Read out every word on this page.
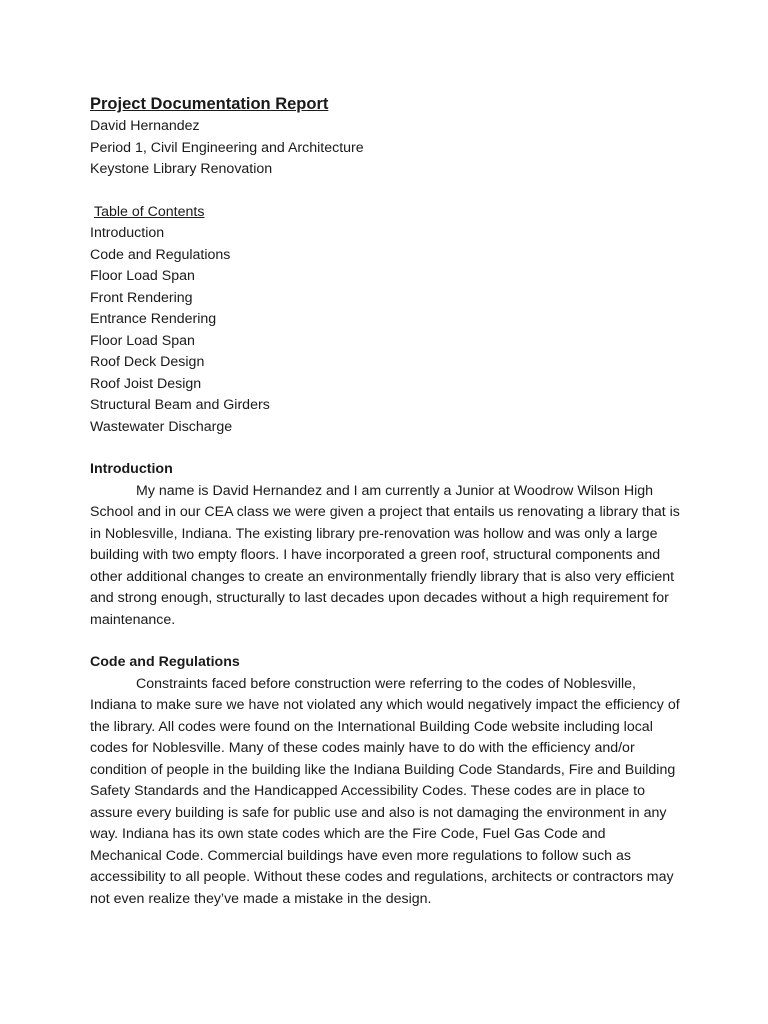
Project Documentation Report

David Hernandez

Period 1, Civil Engineering and Architecture

Keystone Library Renovation

Table of Contents

Introduction
Code and Regulations
Floor Load Span
Front Rendering
Entrance Rendering
Floor Load Span
Roof Deck Design
Roof Joist Design
Structural Beam and Girders
Wastewater Discharge

Introduction

My name is David Hernandez and I am currently a Junior at Woodrow Wilson High School and in our CEA class we were given a project that entails us renovating a library that is in Noblesville, Indiana. The existing library pre-renovation was hollow and was only a large building with two empty floors. I have incorporated a green roof, structural components and other additional changes to create an environmentally friendly library that is also very efficient and strong enough, structurally to last decades upon decades without a high requirement for maintenance.

Code and Regulations

Constraints faced before construction were referring to the codes of Noblesville, Indiana to make sure we have not violated any which would negatively impact the efficiency of the library. All codes were found on the International Building Code website including local codes for Noblesville. Many of these codes mainly have to do with the efficiency and/or condition of people in the building like the Indiana Building Code Standards, Fire and Building Safety Standards and the Handicapped Accessibility Codes. These codes are in place to assure every building is safe for public use and also is not damaging the environment in any way. Indiana has its own state codes which are the Fire Code, Fuel Gas Code and Mechanical Code. Commercial buildings have even more regulations to follow such as accessibility to all people. Without these codes and regulations, architects or contractors may not even realize they’ve made a mistake in the design.
